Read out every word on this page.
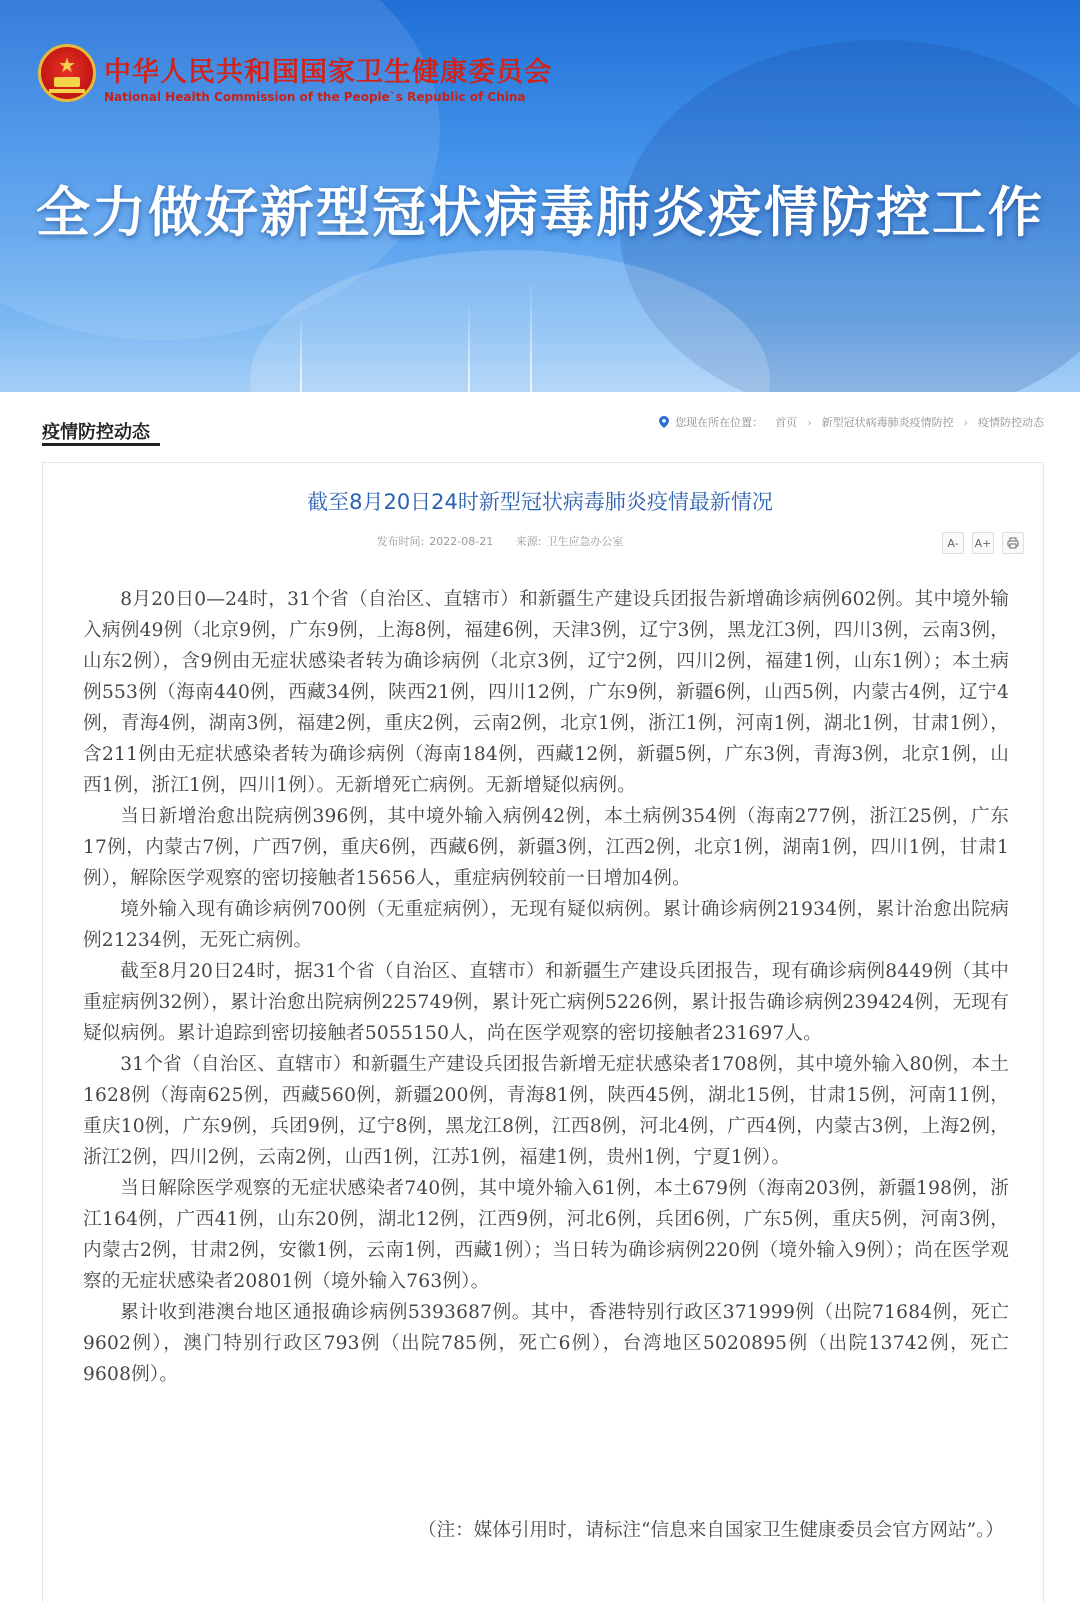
★	中华人民共和国国家卫生健康委员会
National Health Commission of the People`s Republic of China
全力做好新型冠状病毒肺炎疫情防控工作
疫情防控动态	您现在所在位置： 首页 › 新型冠状病毒肺炎疫情防控 › 疫情防控动态
截至8月20日24时新型冠状病毒肺炎疫情最新情况
发布时间: 2022-08-21 来源: 卫生应急办公室	A-	A+

8月20日0—24时，31个省（自治区、直辖市）和新疆生产建设兵团报告新增确诊病例602例。其中境外输入病例49例（北京9例，广东9例，上海8例，福建6例，天津3例，辽宁3例，黑龙江3例，四川3例，云南3例，山东2例），含9例由无症状感染者转为确诊病例（北京3例，辽宁2例，四川2例，福建1例，山东1例）；本土病例553例（海南440例，西藏34例，陕西21例，四川12例，广东9例，新疆6例，山西5例，内蒙古4例，辽宁4例，青海4例，湖南3例，福建2例，重庆2例，云南2例，北京1例，浙江1例，河南1例，湖北1例，甘肃1例），含211例由无症状感染者转为确诊病例（海南184例，西藏12例，新疆5例，广东3例，青海3例，北京1例，山西1例，浙江1例，四川1例）。无新增死亡病例。无新增疑似病例。

当日新增治愈出院病例396例，其中境外输入病例42例，本土病例354例（海南277例，浙江25例，广东17例，内蒙古7例，广西7例，重庆6例，西藏6例，新疆3例，江西2例，北京1例，湖南1例，四川1例，甘肃1例），解除医学观察的密切接触者15656人，重症病例较前一日增加4例。

境外输入现有确诊病例700例（无重症病例），无现有疑似病例。累计确诊病例21934例，累计治愈出院病例21234例，无死亡病例。

截至8月20日24时，据31个省（自治区、直辖市）和新疆生产建设兵团报告，现有确诊病例8449例（其中重症病例32例），累计治愈出院病例225749例，累计死亡病例5226例，累计报告确诊病例239424例，无现有疑似病例。累计追踪到密切接触者5055150人，尚在医学观察的密切接触者231697人。

31个省（自治区、直辖市）和新疆生产建设兵团报告新增无症状感染者1708例，其中境外输入80例，本土1628例（海南625例，西藏560例，新疆200例，青海81例，陕西45例，湖北15例，甘肃15例，河南11例，重庆10例，广东9例，兵团9例，辽宁8例，黑龙江8例，江西8例，河北4例，广西4例，内蒙古3例，上海2例，浙江2例，四川2例，云南2例，山西1例，江苏1例，福建1例，贵州1例，宁夏1例）。

当日解除医学观察的无症状感染者740例，其中境外输入61例，本土679例（海南203例，新疆198例，浙江164例，广西41例，山东20例，湖北12例，江西9例，河北6例，兵团6例，广东5例，重庆5例，河南3例，内蒙古2例，甘肃2例，安徽1例，云南1例，西藏1例）；当日转为确诊病例220例（境外输入9例）；尚在医学观察的无症状感染者20801例（境外输入763例）。

累计收到港澳台地区通报确诊病例5393687例。其中，香港特别行政区371999例（出院71684例，死亡9602例），澳门特别行政区793例（出院785例，死亡6例），台湾地区5020895例（出院13742例，死亡9608例）。

（注：媒体引用时，请标注“信息来自国家卫生健康委员会官方网站”。）
